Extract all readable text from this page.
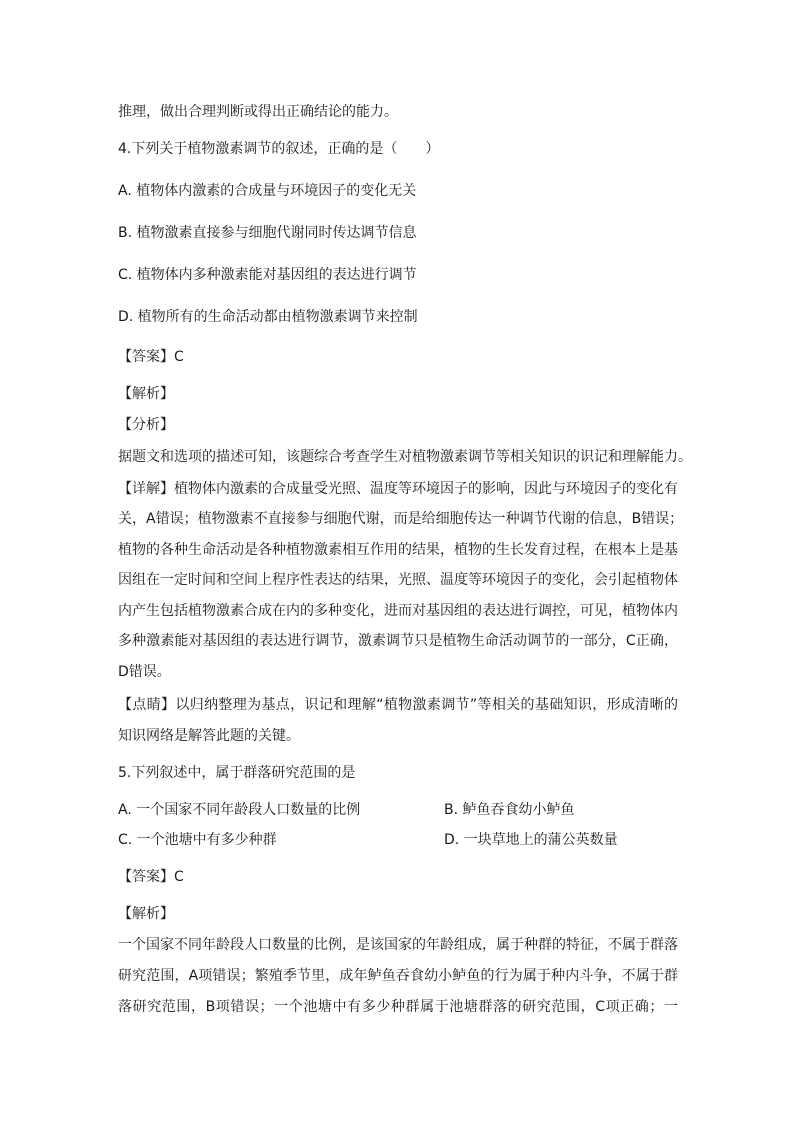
推理，做出合理判断或得出正确结论的能力。
4.下列关于植物激素调节的叙述，正确的是（　　）
A. 植物体内激素的合成量与环境因子的变化无关
B. 植物激素直接参与细胞代谢同时传达调节信息
C. 植物体内多种激素能对基因组的表达进行调节
D. 植物所有的生命活动都由植物激素调节来控制
【答案】C
【解析】
【分析】
据题文和选项的描述可知，该题综合考查学生对植物激素调节等相关知识的识记和理解能力。
【详解】植物体内激素的合成量受光照、温度等环境因子的影响，因此与环境因子的变化有
关，A错误；植物激素不直接参与细胞代谢，而是给细胞传达一种调节代谢的信息，B错误；
植物的各种生命活动是各种植物激素相互作用的结果，植物的生长发育过程，在根本上是基
因组在一定时间和空间上程序性表达的结果，光照、温度等环境因子的变化，会引起植物体
内产生包括植物激素合成在内的多种变化，进而对基因组的表达进行调控，可见，植物体内
多种激素能对基因组的表达进行调节，激素调节只是植物生命活动调节的一部分，C正确，
D错误。
【点睛】以归纳整理为基点，识记和理解“植物激素调节”等相关的基础知识，形成清晰的
知识网络是解答此题的关键。
5.下列叙述中，属于群落研究范围的是
A. 一个国家不同年龄段人口数量的比例	B. 鲈鱼吞食幼小鲈鱼
C. 一个池塘中有多少种群	D. 一块草地上的蒲公英数量
【答案】C
【解析】
一个国家不同年龄段人口数量的比例，是该国家的年龄组成，属于种群的特征，不属于群落
研究范围，A项错误；繁殖季节里，成年鲈鱼吞食幼小鲈鱼的行为属于种内斗争，不属于群
落研究范围，B项错误；一个池塘中有多少种群属于池塘群落的研究范围，C项正确；一
